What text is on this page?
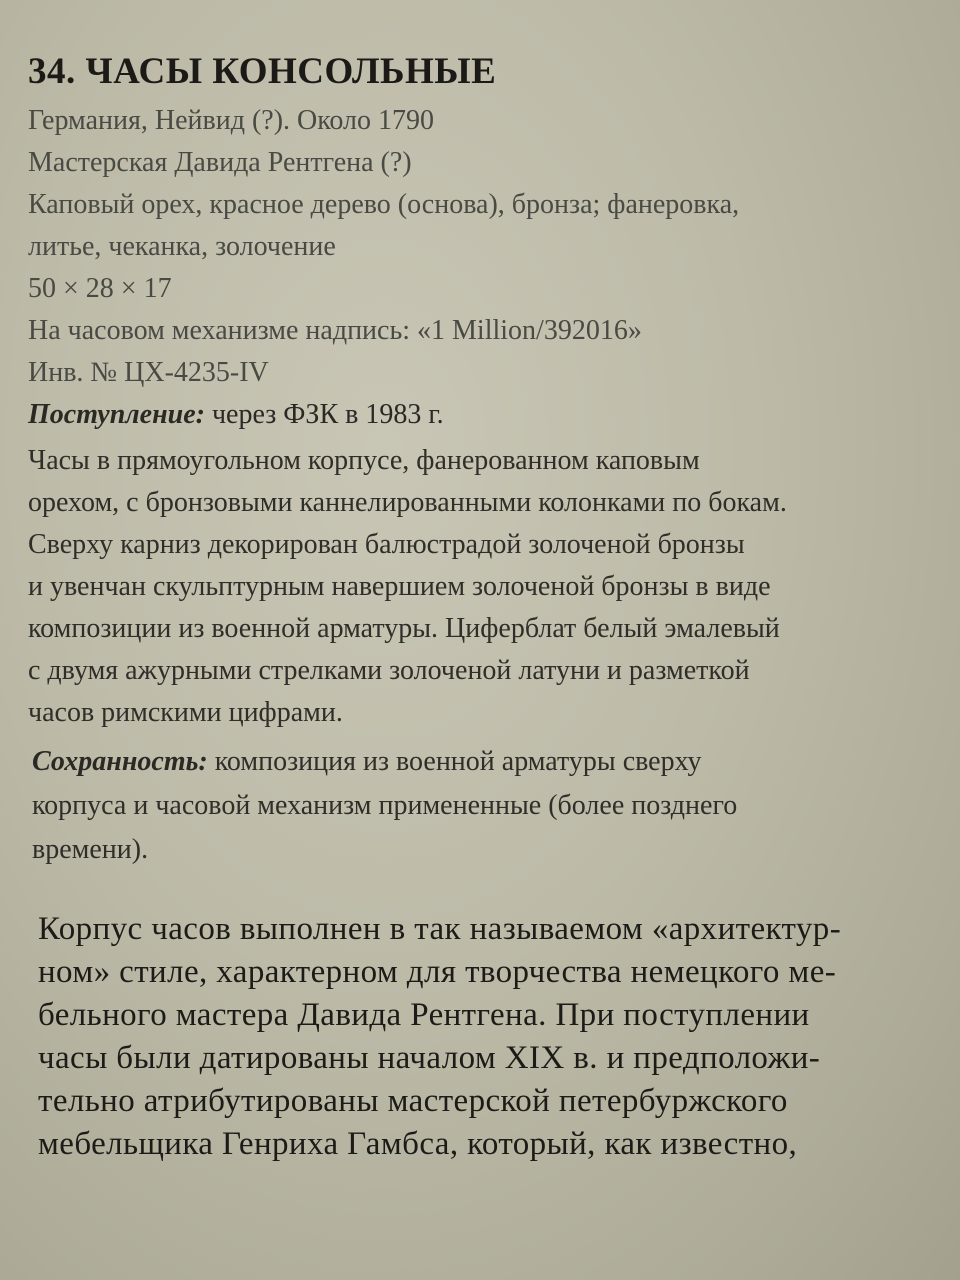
34. ЧАСЫ КОНСОЛЬНЫЕ
Германия, Нейвид (?). Около 1790
Мастерская Давида Рентгена (?)
Каповый орех, красное дерево (основа), бронза; фанеровка,
литье, чеканка, золочение
50 × 28 × 17
На часовом механизме надпись: «1 Million/392016»
Инв. № ЦХ-4235-IV
Поступление: через ФЗК в 1983 г.
Часы в прямоугольном корпусе, фанерованном каповым
орехом, с бронзовыми каннелированными колонками по бокам.
Сверху карниз декорирован балюстрадой золоченой бронзы
и увенчан скульптурным навершием золоченой бронзы в виде
композиции из военной арматуры. Циферблат белый эмалевый
с двумя ажурными стрелками золоченой латуни и разметкой
часов римскими цифрами.
Сохранность: композиция из военной арматуры сверху
корпуса и часовой механизм примененные (более позднего
времени).
Корпус часов выполнен в так называемом «архитектур-
ном» стиле, характерном для творчества немецкого ме-
бельного мастера Давида Рентгена. При поступлении
часы были датированы началом XIX в. и предположи-
тельно атрибутированы мастерской петербуржского
мебельщика Генриха Гамбса, который, как известно,
